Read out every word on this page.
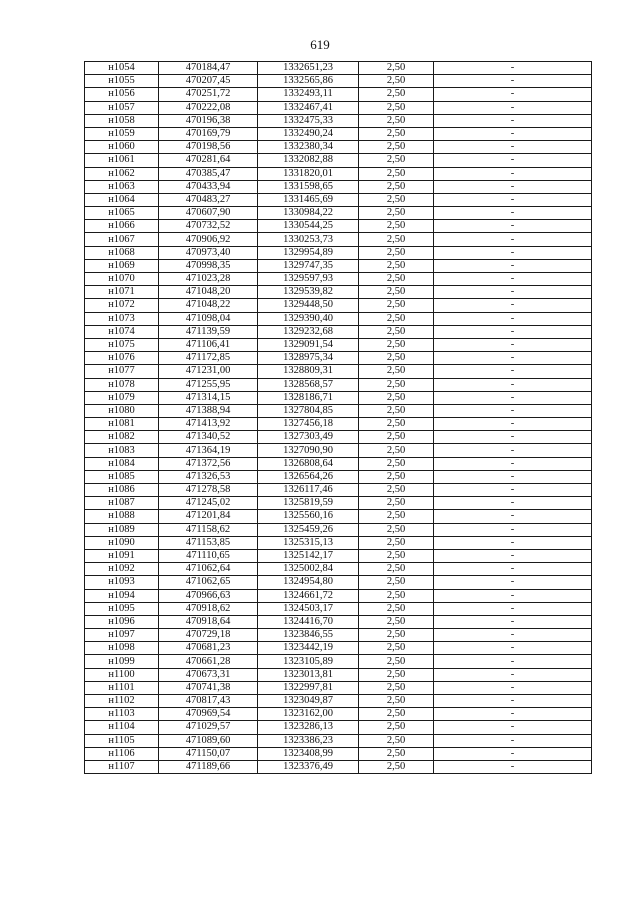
619
н1054	470184,47	1332651,23	2,50	-
н1055	470207,45	1332565,86	2,50	-
н1056	470251,72	1332493,11	2,50	-
н1057	470222,08	1332467,41	2,50	-
н1058	470196,38	1332475,33	2,50	-
н1059	470169,79	1332490,24	2,50	-
н1060	470198,56	1332380,34	2,50	-
н1061	470281,64	1332082,88	2,50	-
н1062	470385,47	1331820,01	2,50	-
н1063	470433,94	1331598,65	2,50	-
н1064	470483,27	1331465,69	2,50	-
н1065	470607,90	1330984,22	2,50	-
н1066	470732,52	1330544,25	2,50	-
н1067	470906,92	1330253,73	2,50	-
н1068	470973,40	1329954,89	2,50	-
н1069	470998,35	1329747,35	2,50	-
н1070	471023,28	1329597,93	2,50	-
н1071	471048,20	1329539,82	2,50	-
н1072	471048,22	1329448,50	2,50	-
н1073	471098,04	1329390,40	2,50	-
н1074	471139,59	1329232,68	2,50	-
н1075	471106,41	1329091,54	2,50	-
н1076	471172,85	1328975,34	2,50	-
н1077	471231,00	1328809,31	2,50	-
н1078	471255,95	1328568,57	2,50	-
н1079	471314,15	1328186,71	2,50	-
н1080	471388,94	1327804,85	2,50	-
н1081	471413,92	1327456,18	2,50	-
н1082	471340,52	1327303,49	2,50	-
н1083	471364,19	1327090,90	2,50	-
н1084	471372,56	1326808,64	2,50	-
н1085	471326,53	1326564,26	2,50	-
н1086	471278,58	1326117,46	2,50	-
н1087	471245,02	1325819,59	2,50	-
н1088	471201,84	1325560,16	2,50	-
н1089	471158,62	1325459,26	2,50	-
н1090	471153,85	1325315,13	2,50	-
н1091	471110,65	1325142,17	2,50	-
н1092	471062,64	1325002,84	2,50	-
н1093	471062,65	1324954,80	2,50	-
н1094	470966,63	1324661,72	2,50	-
н1095	470918,62	1324503,17	2,50	-
н1096	470918,64	1324416,70	2,50	-
н1097	470729,18	1323846,55	2,50	-
н1098	470681,23	1323442,19	2,50	-
н1099	470661,28	1323105,89	2,50	-
н1100	470673,31	1323013,81	2,50	-
н1101	470741,38	1322997,81	2,50	-
н1102	470817,43	1323049,87	2,50	-
н1103	470969,54	1323162,00	2,50	-
н1104	471029,57	1323286,13	2,50	-
н1105	471089,60	1323386,23	2,50	-
н1106	471150,07	1323408,99	2,50	-
н1107	471189,66	1323376,49	2,50	-
